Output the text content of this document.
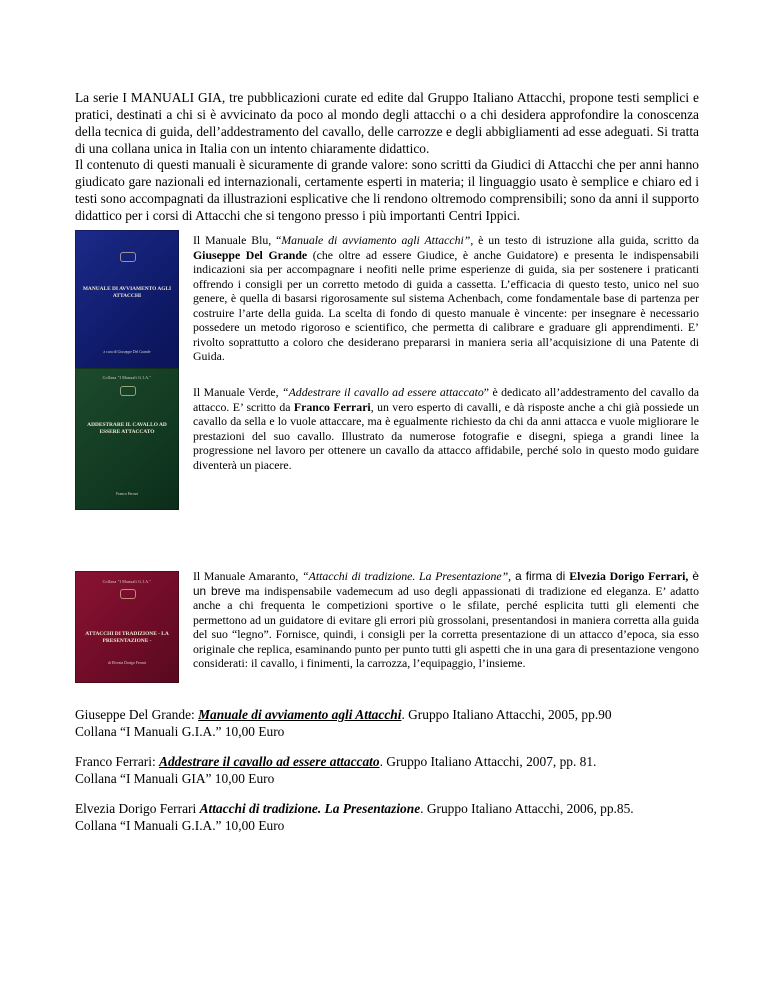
La serie I MANUALI GIA, tre pubblicazioni curate ed edite dal Gruppo Italiano Attacchi, propone testi semplici e pratici, destinati a chi si è avvicinato da poco al mondo degli attacchi o a chi desidera approfondire la conoscenza della tecnica di guida, dell’addestramento del cavallo, delle carrozze e degli abbigliamenti ad esse adeguati. Si tratta di una collana unica in Italia con un intento chiaramente didattico.

Il contenuto di questi manuali è sicuramente di grande valore: sono scritti da Giudici di Attacchi che per anni hanno giudicato gare nazionali ed internazionali, certamente esperti in materia; il linguaggio usato è semplice e chiaro ed i testi sono accompagnati da illustrazioni esplicative che li rendono oltremodo comprensibili; sono da anni il supporto didattico per i corsi di Attacchi che si tengono presso i più importanti Centri Ippici.

MANUALE DI AVVIAMENTO AGLI ATTACCHI
a cura di Giuseppe Del Grande

Il Manuale Blu, “Manuale di avviamento agli Attacchi”, è un testo di istruzione alla guida, scritto da Giuseppe Del Grande (che oltre ad essere Giudice, è anche Guidatore) e presenta le indispensabili indicazioni sia per accompagnare i neofiti nelle prime esperienze di guida, sia per sostenere i praticanti offrendo i consigli per un corretto metodo di guida a cassetta. L’efficacia di questo testo, unico nel suo genere, è quella di basarsi rigorosamente sul sistema Achenbach, come fondamentale base di partenza per costruire l’arte della guida. La scelta di fondo di questo manuale è vincente: per insegnare è necessario possedere un metodo rigoroso e scientifico, che permetta di calibrare e graduare gli apprendimenti. E’ rivolto soprattutto a coloro che desiderano prepararsi in maniera seria all’acquisizione di una Patente di Guida.

Collana "I Manuali G.I.A."
ADDESTRARE IL CAVALLO AD ESSERE ATTACCATO
Franco Ferrari

Il Manuale Verde, “Addestrare il cavallo ad essere attaccato” è dedicato all’addestramento del cavallo da attacco. E’ scritto da Franco Ferrari, un vero esperto di cavalli, e dà risposte anche a chi già possiede un cavallo da sella e lo vuole attaccare, ma è egualmente richiesto da chi da anni attacca e vuole migliorare le prestazioni del suo cavallo. Illustrato da numerose fotografie e disegni, spiega a grandi linee la progressione nel lavoro per ottenere un cavallo da attacco affidabile, perché solo in questo modo guidare diventerà un piacere.

Collana "I Manuali G.I.A."
ATTACCHI DI TRADIZIONE - LA PRESENTAZIONE -
di Elvezia Dorigo Ferrari

Il Manuale Amaranto, “Attacchi di tradizione. La Presentazione”, a firma di Elvezia Dorigo Ferrari, è un breve ma indispensabile vademecum ad uso degli appassionati di tradizione ed eleganza. E’ adatto anche a chi frequenta le competizioni sportive o le sfilate, perché esplicita tutti gli elementi che permettono ad un guidatore di evitare gli errori più grossolani, presentandosi in maniera corretta alla guida del suo “legno”. Fornisce, quindi, i consigli per la corretta presentazione di un attacco d’epoca, sia esso originale che replica, esaminando punto per punto tutti gli aspetti che in una gara di presentazione vengono considerati: il cavallo, i finimenti, la carrozza, l’equipaggio, l’insieme.

Giuseppe Del Grande: Manuale di avviamento agli Attacchi. Gruppo Italiano Attacchi, 2005, pp.90
Collana “I Manuali G.I.A.” 10,00 Euro

Franco Ferrari: Addestrare il cavallo ad essere attaccato. Gruppo Italiano Attacchi, 2007, pp. 81.
Collana “I Manuali GIA” 10,00 Euro

Elvezia Dorigo Ferrari Attacchi di tradizione. La Presentazione. Gruppo Italiano Attacchi, 2006, pp.85.
Collana “I Manuali G.I.A.” 10,00 Euro
